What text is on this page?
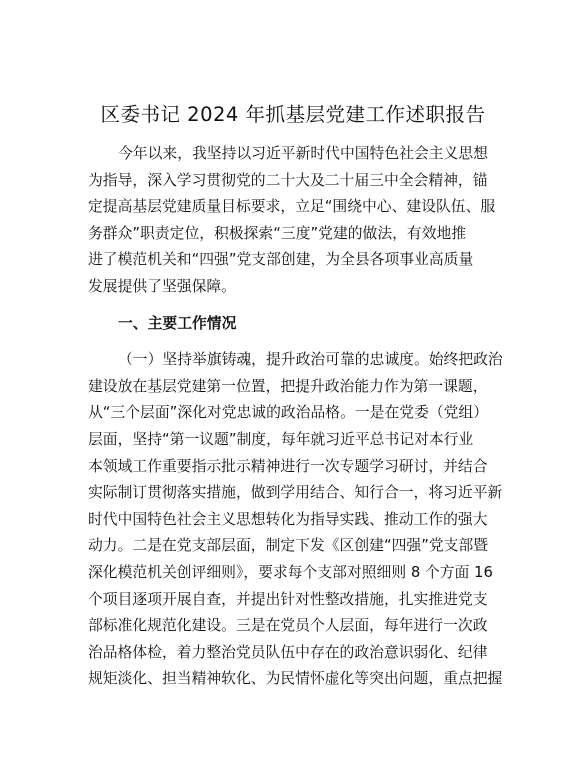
区委书记 2024 年抓基层党建工作述职报告
今年以来，我坚持以习近平新时代中国特色社会主义思想
为指导，深入学习贯彻党的二十大及二十届三中全会精神，锚
定提高基层党建质量目标要求，立足“围绕中心、建设队伍、服
务群众”职责定位，积极探索“三度”党建的做法，有效地推
进了模范机关和“四强”党支部创建，为全县各项事业高质量
发展提供了坚强保障。
一、主要工作情况
（一）坚持举旗铸魂，提升政治可靠的忠诚度。始终把政治
建设放在基层党建第一位置，把提升政治能力作为第一课题，
从“三个层面”深化对党忠诚的政治品格。一是在党委（党组）
层面，坚持“第一议题”制度，每年就习近平总书记对本行业
本领域工作重要指示批示精神进行一次专题学习研讨，并结合
实际制订贯彻落实措施，做到学用结合、知行合一，将习近平新
时代中国特色社会主义思想转化为指导实践、推动工作的强大
动力。二是在党支部层面，制定下发《区创建“四强”党支部暨
深化模范机关创评细则》，要求每个支部对照细则 8 个方面 16
个项目逐项开展自查，并提出针对性整改措施，扎实推进党支
部标准化规范化建设。三是在党员个人层面，每年进行一次政
治品格体检，着力整治党员队伍中存在的政治意识弱化、纪律
规矩淡化、担当精神软化、为民情怀虚化等突出问题，重点把握
